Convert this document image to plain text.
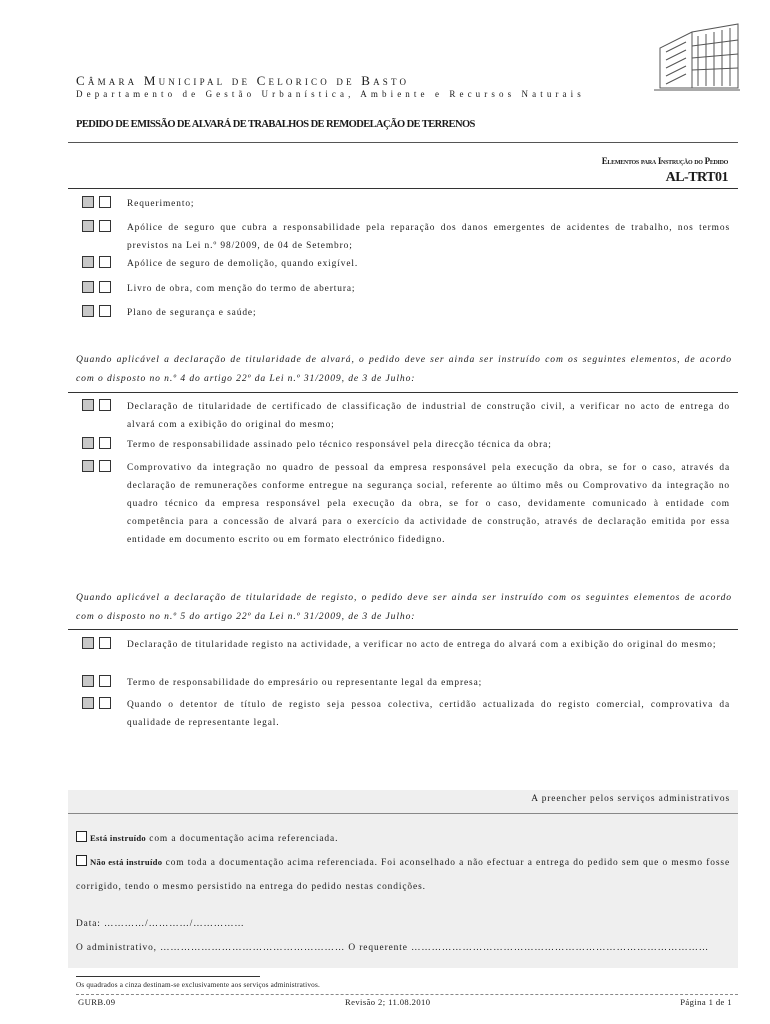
Câmara Municipal de Celorico de Basto
Departamento de Gestão Urbanística, Ambiente e Recursos Naturais
PEDIDO DE EMISSÃO DE ALVARÁ DE TRABALHOS DE REMODELAÇÃO DE TERRENOS
Elementos para Instrução do Pedido
AL-TRT01
Requerimento;
Apólice de seguro que cubra a responsabilidade pela reparação dos danos emergentes de acidentes de trabalho, nos termos previstos na Lei n.º 98/2009, de 04 de Setembro;
Apólice de seguro de demolição, quando exigível.
Livro de obra, com menção do termo de abertura;
Plano de segurança e saúde;
Quando aplicável a declaração de titularidade de alvará, o pedido deve ser ainda ser instruído com os seguintes elementos, de acordo com o disposto no n.º 4 do artigo 22º da Lei n.º 31/2009, de 3 de Julho:
Declaração de titularidade de certificado de classificação de industrial de construção civil, a verificar no acto de entrega do alvará com a exibição do original do mesmo;
Termo de responsabilidade assinado pelo técnico responsável pela direcção técnica da obra;
Comprovativo da integração no quadro de pessoal da empresa responsável pela execução da obra, se for o caso, através da declaração de remunerações conforme entregue na segurança social, referente ao último mês ou Comprovativo da integração no quadro técnico da empresa responsável pela execução da obra, se for o caso, devidamente comunicado à entidade com competência para a concessão de alvará para o exercício da actividade de construção, através de declaração emitida por essa entidade em documento escrito ou em formato electrónico fidedigno.
Quando aplicável a declaração de titularidade de registo, o pedido deve ser ainda ser instruído com os seguintes elementos de acordo com o disposto no n.º 5 do artigo 22º da Lei n.º 31/2009, de 3 de Julho:
Declaração de titularidade registo na actividade, a verificar no acto de entrega do alvará com a exibição do original do mesmo;
Termo de responsabilidade do empresário ou representante legal da empresa;
Quando o detentor de título de registo seja pessoa colectiva, certidão actualizada do registo comercial, comprovativa da qualidade de representante legal.
A preencher pelos serviços administrativos
Está instruído com a documentação acima referenciada.
Não está instruído com toda a documentação acima referenciada. Foi aconselhado a não efectuar a entrega do pedido sem que o mesmo fosse corrigido, tendo o mesmo persistido na entrega do pedido nestas condições.
Data: …………/…………/……………
O administrativo, ……………………………………………… O requerente ……………………………………………………………………………
Os quadrados a cinza destinam-se exclusivamente aos serviços administrativos.
GURB.09	Revisão 2; 11.08.2010	Página 1 de 1
